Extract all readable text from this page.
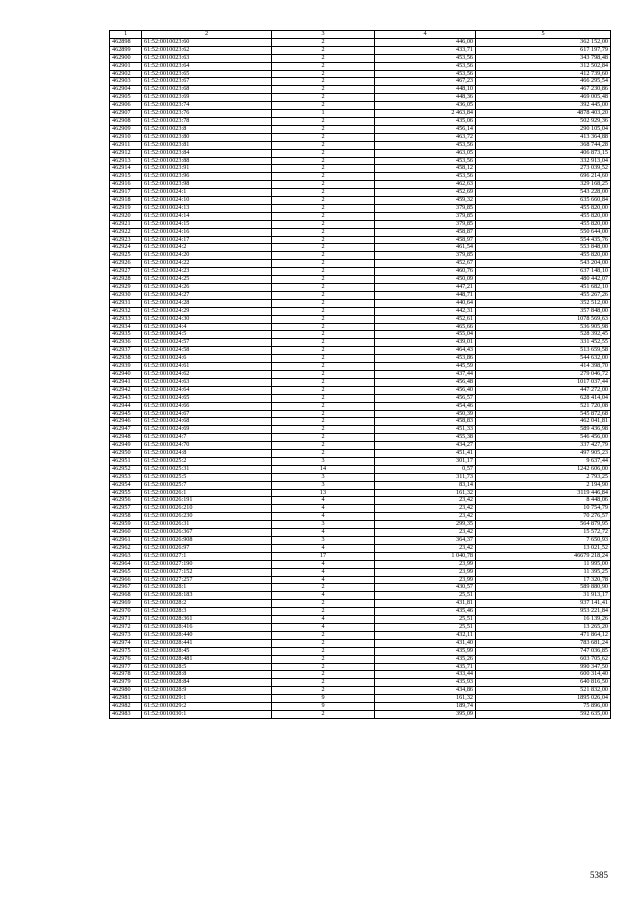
1	2	3	4	5
462898	61:52:0010023:60	2	446,00	362 152,00
462899	61:52:0010023:62	2	433,71	617 197,79
462900	61:52:0010023:63	2	453,56	343 798,48
462901	61:52:0010023:64	2	453,56	312 502,84
462902	61:52:0010023:65	2	453,56	412 739,60
462903	61:52:0010023:67	2	467,23	466 295,54
462904	61:52:0010023:68	2	448,10	467 230,86
462905	61:52:0010023:69	2	448,36	469 005,48
462906	61:52:0010023:74	2	436,05	392 445,00
462907	61:52:0010023:76	1	2 463,84	4878 403,20
462908	61:52:0010023:78	2	435,06	502 929,36
462909	61:52:0010023:8	2	456,14	290 105,04
462910	61:52:0010023:80	2	463,72	413 364,88
462911	61:52:0010023:81	2	453,56	368 744,28
462912	61:52:0010023:84	2	463,05	406 873,15
462913	61:52:0010023:88	2	453,56	332 913,04
462914	61:52:0010023:91	2	458,12	273 039,52
462915	61:52:0010023:96	2	453,56	696 214,60
462916	61:52:0010023:98	2	462,63	329 168,25
462917	61:52:0010024:1	2	452,69	543 228,00
462918	61:52:0010024:10	2	459,32	635 660,84
462919	61:52:0010024:13	2	379,85	455 820,00
462920	61:52:0010024:14	2	379,85	455 820,00
462921	61:52:0010024:15	2	379,85	455 820,00
462922	61:52:0010024:16	2	458,87	550 644,00
462923	61:52:0010024:17	2	458,97	554 435,76
462924	61:52:0010024:2	2	461,54	553 848,00
462925	61:52:0010024:20	2	379,85	455 820,00
462926	61:52:0010024:22	2	452,67	543 204,00
462927	61:52:0010024:23	2	460,76	637 148,10
462928	61:52:0010024:25	2	450,09	480 442,07
462929	61:52:0010024:26	2	447,21	451 682,10
462930	61:52:0010024:27	2	448,71	455 267,26
462931	61:52:0010024:28	2	440,64	352 512,00
462932	61:52:0010024:29	2	442,31	357 848,00
462933	61:52:0010024:30	2	452,61	1078 569,63
462934	61:52:0010024:4	2	465,66	536 905,98
462935	61:52:0010024:5	2	455,04	528 392,45
462936	61:52:0010024:57	2	439,01	331 452,55
462937	61:52:0010024:58	2	464,43	513 659,58
462938	61:52:0010024:6	2	453,86	544 632,00
462939	61:52:0010024:61	2	445,59	414 398,70
462940	61:52:0010024:62	2	437,44	279 046,72
462941	61:52:0010024:63	2	456,48	1017 037,44
462942	61:52:0010024:64	2	456,40	447 272,00
462943	61:52:0010024:65	2	456,57	628 414,04
462944	61:52:0010024:66	2	454,46	521 720,08
462945	61:52:0010024:67	2	450,39	545 872,68
462946	61:52:0010024:68	2	458,83	462 041,81
462947	61:52:0010024:69	2	451,33	589 436,98
462948	61:52:0010024:7	2	455,38	546 456,00
462949	61:52:0010024:70	2	434,27	337 427,79
462950	61:52:0010024:8	2	451,41	497 905,23
462951	61:52:0010025:2	3	301,17	9 637,44
462952	61:52:0010025:31	14	0,57	1242 606,00
462953	61:52:0010025:5	3	311,73	2 793,25
462954	61:52:0010025:7	3	83,14	2 194,90
462955	61:52:0010026:1	13	161,32	3119 446,84
462956	61:52:0010026:191	4	23,42	8 448,06
462957	61:52:0010026:210	4	23,42	10 754,79
462958	61:52:0010026:230	4	23,42	70 276,57
462959	61:52:0010026:31	3	299,35	564 879,95
462960	61:52:0010026:367	4	23,42	15 572,72
462961	61:52:0010026:908	3	364,37	7 650,93
462962	61:52:0010026:97	4	23,42	13 021,52
462963	61:52:0010027:1	17	1 040,78	46679 218,24
462964	61:52:0010027:190	4	23,99	11 995,00
462965	61:52:0010027:152	4	23,99	11 395,25
462966	61:52:0010027:257	4	23,99	17 320,78
462967	61:52:0010028:1	2	430,57	589 880,90
462968	61:52:0010028:183	4	25,51	31 913,17
462969	61:52:0010028:2	2	431,81	937 141,41
462970	61:52:0010028:3	2	435,46	953 221,84
462971	61:52:0010028:361	4	25,51	16 139,26
462972	61:52:0010028:416	4	25,51	13 265,20
462973	61:52:0010028:440	2	432,11	471 864,12
462974	61:52:0010028:441	2	431,40	783 681,24
462975	61:52:0010028:45	2	435,99	747 036,85
462976	61:52:0010028:481	2	435,26	603 705,62
462977	61:52:0010028:5	2	435,71	990 347,50
462978	61:52:0010028:8	2	433,44	600 314,40
462979	61:52:0010028:84	2	435,93	640 816,50
462980	61:52:0010028:9	2	434,86	521 832,00
462981	61:52:0010029:1	9	161,32	1895 026,04
462982	61:52:0010029:2	9	189,74	75 896,00
462983	61:52:0010030:1	2	395,09	592 635,00
5385
